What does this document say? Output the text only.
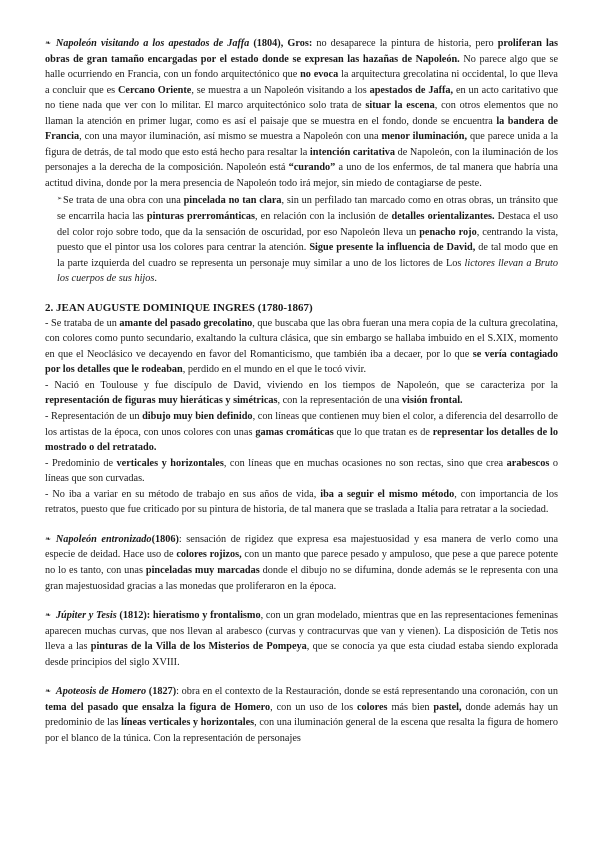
❧ Napoleón visitando a los apestados de Jaffa (1804), Gros: no desaparece la pintura de historia, pero proliferan las obras de gran tamaño encargadas por el estado donde se expresan las hazañas de Napoleón. No parece algo que se halle ocurriendo en Francia, con un fondo arquitectónico que no evoca la arquitectura grecolatina ni occidental, lo que lleva a concluir que es Cercano Oriente, se muestra a un Napoleón visitando a los apestados de Jaffa, en un acto caritativo que no tiene nada que ver con lo militar. El marco arquitectónico solo trata de situar la escena, con otros elementos que no llaman la atención en primer lugar, como es así el paisaje que se muestra en el fondo, donde se encuentra la bandera de Francia, con una mayor iluminación, así mismo se muestra a Napoleón con una menor iluminación, que parece unida a la figura de detrás, de tal modo que esto está hecho para resaltar la intención caritativa de Napoleón, con la iluminación de los personajes a la derecha de la composición. Napoleón está “curando” a uno de los enfermos, de tal manera que habría una actitud divina, donde por la mera presencia de Napoleón todo irá mejor, sin miedo de contagiarse de peste.

➢Se trata de una obra con una pincelada no tan clara, sin un perfilado tan marcado como en otras obras, un tránsito que se encarrila hacia las pinturas prerrománticas, en relación con la inclusión de detalles orientalizantes. Destaca el uso del color rojo sobre todo, que da la sensación de oscuridad, por eso Napoleón lleva un penacho rojo, centrando la vista, puesto que el pintor usa los colores para centrar la atención. Sigue presente la influencia de David, de tal modo que en la parte izquierda del cuadro se representa un personaje muy similar a uno de los lictores de Los lictores llevan a Bruto los cuerpos de sus hijos.

2. JEAN AUGUSTE DOMINIQUE INGRES (1780-1867)

- Se trataba de un amante del pasado grecolatino, que buscaba que las obra fueran una mera copia de la cultura grecolatina, con colores como punto secundario, exaltando la cultura clásica, que sin embargo se hallaba imbuido en el S.XIX, momento en que el Neoclásico ve decayendo en favor del Romanticismo, que también iba a decaer, por lo que se vería contagiado por los detalles que le rodeaban, perdido en el mundo en el que le tocó vivir.

- Nació en Toulouse y fue discípulo de David, viviendo en los tiempos de Napoleón, que se caracteriza por la representación de figuras muy hieráticas y simétricas, con la representación de una visión frontal.

- Representación de un dibujo muy bien definido, con líneas que contienen muy bien el color, a diferencia del desarrollo de los artistas de la época, con unos colores con unas gamas cromáticas que lo que tratan es de representar los detalles de lo mostrado o del retratado.

- Predominio de verticales y horizontales, con líneas que en muchas ocasiones no son rectas, sino que crea arabescos o líneas que son curvadas.

- No iba a variar en su método de trabajo en sus años de vida, iba a seguir el mismo método, con importancia de los retratos, puesto que fue criticado por su pintura de historia, de tal manera que se traslada a Italia para retratar a la sociedad.

❧ Napoleón entronizado(1806): sensación de rigidez que expresa esa majestuosidad y esa manera de verlo como una especie de deidad. Hace uso de colores rojizos, con un manto que parece pesado y ampuloso, que pese a que parece potente no lo es tanto, con unas pinceladas muy marcadas donde el dibujo no se difumina, donde además se le representa con una gran majestuosidad gracias a las monedas que proliferaron en la época.

❧ Júpiter y Tesis (1812): hieratismo y frontalismo, con un gran modelado, mientras que en las representaciones femeninas aparecen muchas curvas, que nos llevan al arabesco (curvas y contracurvas que van y vienen). La disposición de Tetis nos lleva a las pinturas de la Villa de los Misterios de Pompeya, que se conocía ya que esta ciudad estaba siendo explorada desde principios del siglo XVIII.

❧ Apoteosis de Homero (1827): obra en el contexto de la Restauración, donde se está representando una coronación, con un tema del pasado que ensalza la figura de Homero, con un uso de los colores más bien pastel, donde además hay un predominio de las líneas verticales y horizontales, con una iluminación general de la escena que resalta la figura de homero por el blanco de la túnica. Con la representación de personajes
